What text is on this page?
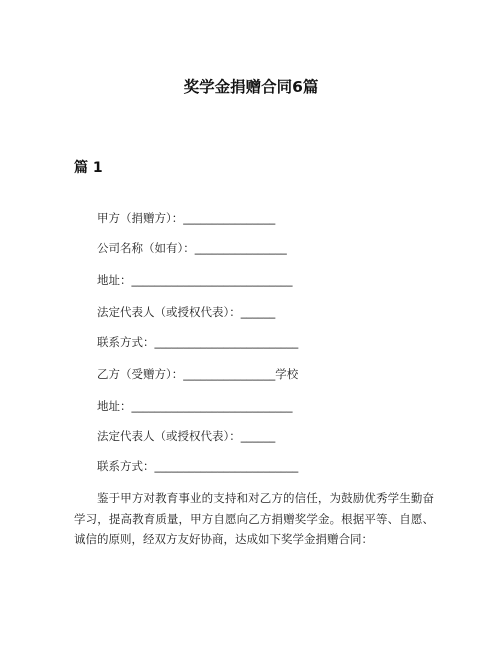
奖学金捐赠合同6篇
篇 1
甲方（捐赠方）：________________
公司名称（如有）：________________
地址：____________________________
法定代表人（或授权代表）：______
联系方式：_________________________
乙方（受赠方）：________________学校
地址：____________________________
法定代表人（或授权代表）：______
联系方式：_________________________
鉴于甲方对教育事业的支持和对乙方的信任，为鼓励优秀学生勤奋学习，提高教育质量，甲方自愿向乙方捐赠奖学金。根据平等、自愿、诚信的原则，经双方友好协商，达成如下奖学金捐赠合同：
